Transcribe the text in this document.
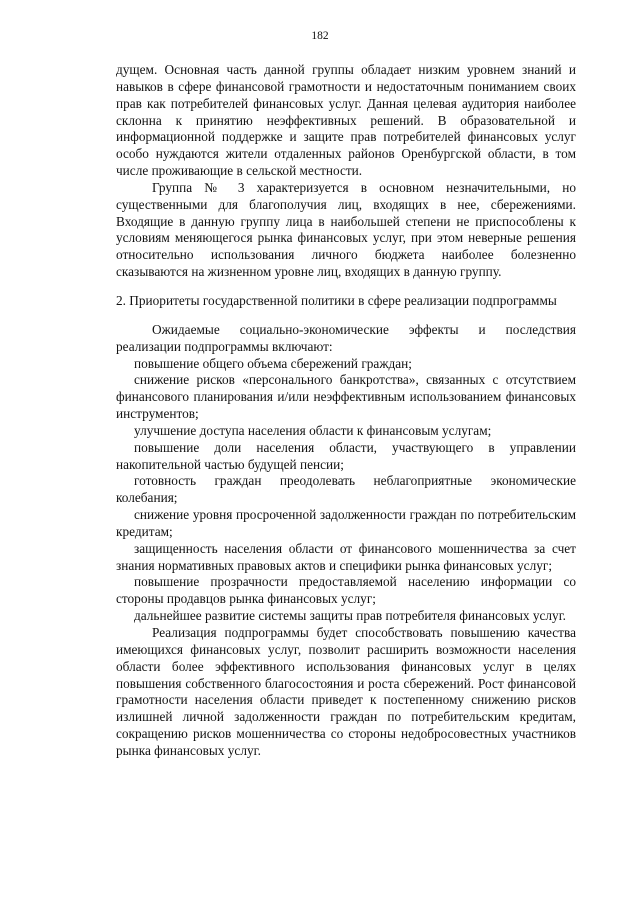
182

дущем. Основная часть данной группы обладает низким уровнем знаний и навыков в сфере финансовой грамотности и недостаточным пониманием своих прав как потребителей финансовых услуг. Данная целевая аудитория наиболее склонна к принятию неэффективных решений. В образовательной и информационной поддержке и защите прав потребителей финансовых услуг особо нуждаются жители отдаленных районов Оренбургской области, в том числе проживающие в сельской местности.

Группа № 3 характеризуется в основном незначительными, но существенными для благополучия лиц, входящих в нее, сбережениями. Входящие в данную группу лица в наибольшей степени не приспособлены к условиям меняющегося рынка финансовых услуг, при этом неверные решения относительно использования личного бюджета наиболее болезненно сказываются на жизненном уровне лиц, входящих в данную группу.

2. Приоритеты государственной политики в сфере реализации подпрограммы

Ожидаемые социально-экономические эффекты и последствия реализации подпрограммы включают:

повышение общего объема сбережений граждан;

снижение рисков «персонального банкротства», связанных с отсутствием финансового планирования и/или неэффективным использованием финансовых инструментов;

улучшение доступа населения области к финансовым услугам;

повышение доли населения области, участвующего в управлении накопительной частью будущей пенсии;

готовность граждан преодолевать неблагоприятные экономические колебания;

снижение уровня просроченной задолженности граждан по потребительским кредитам;

защищенность населения области от финансового мошенничества за счет знания нормативных правовых актов и специфики рынка финансовых услуг;

повышение прозрачности предоставляемой населению информации со стороны продавцов рынка финансовых услуг;

дальнейшее развитие системы защиты прав потребителя финансовых услуг.

Реализация подпрограммы будет способствовать повышению качества имеющихся финансовых услуг, позволит расширить возможности населения области более эффективного использования финансовых услуг в целях повышения собственного благосостояния и роста сбережений. Рост финансовой грамотности населения области приведет к постепенному снижению рисков излишней личной задолженности граждан по потребительским кредитам, сокращению рисков мошенничества со стороны недобросовестных участников рынка финансовых услуг.
